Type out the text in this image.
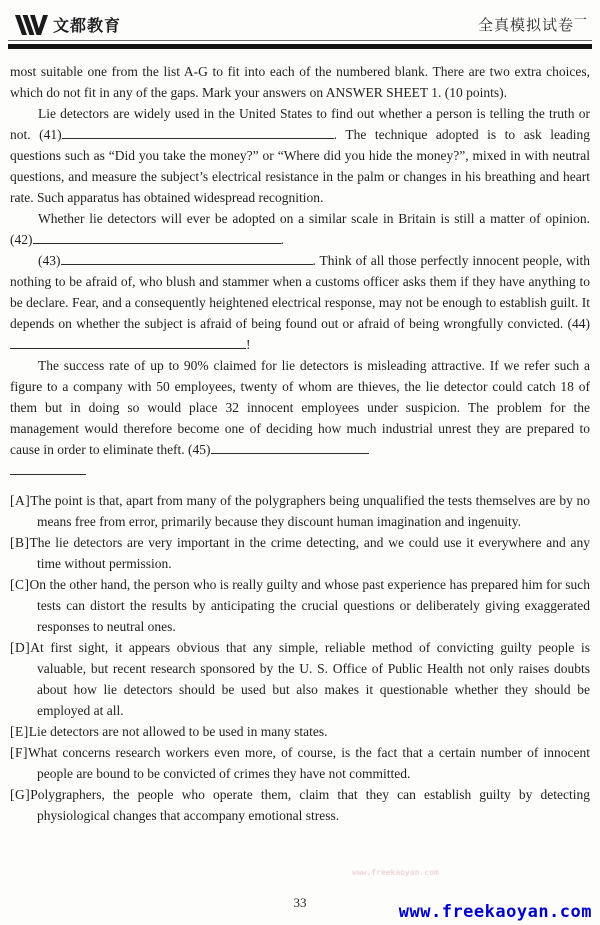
文都教育	全真模拟试卷一

most suitable one from the list A-G to fit into each of the numbered blank. There are two extra choices, which do not fit in any of the gaps. Mark your answers on ANSWER SHEET 1. (10 points).

Lie detectors are widely used in the United States to find out whether a person is telling the truth or not. (41)	. The technique adopted is to ask leading questions such as “Did you take the money?” or “Where did you hide the money?”, mixed in with neutral questions, and measure the subject’s electrical resistance in the palm or changes in his breathing and heart rate. Such apparatus has obtained widespread recognition.

Whether lie detectors will ever be adopted on a similar scale in Britain is still a matter of opinion. (42)	.

(43)	. Think of all those perfectly innocent people, with nothing to be afraid of, who blush and stammer when a customs officer asks them if they have anything to be declare. Fear, and a consequently heightened electrical response, may not be enough to establish guilt. It depends on whether the subject is afraid of being found out or afraid of being wrongfully convicted. (44)!

The success rate of up to 90% claimed for lie detectors is misleading attractive. If we refer such a figure to a company with 50 employees, twenty of whom are thieves, the lie detector could catch 18 of them but in doing so would place 32 innocent employees under suspicion. The problem for the management would therefore become one of deciding how much industrial unrest they are prepared to cause in order to eliminate theft. (45)

[A]The point is that, apart from many of the polygraphers being unqualified the tests themselves are by no means free from error, primarily because they discount human imagination and ingenuity.

[B]The lie detectors are very important in the crime detecting, and we could use it everywhere and any time without permission.

[C]On the other hand, the person who is really guilty and whose past experience has prepared him for such tests can distort the results by anticipating the crucial questions or deliberately giving exaggerated responses to neutral ones.

[D]At first sight, it appears obvious that any simple, reliable method of convicting guilty people is valuable, but recent research sponsored by the U. S. Office of Public Health not only raises doubts about how lie detectors should be used but also makes it questionable whether they should be employed at all.

[E]Lie detectors are not allowed to be used in many states.

[F]What concerns research workers even more, of course, is the fact that a certain number of innocent people are bound to be convicted of crimes they have not committed.

[G]Polygraphers, the people who operate them, claim that they can establish guilty by detecting physiological changes that accompany emotional stress.

33
www.freekaoyan.com
www.freekaoyan.com
